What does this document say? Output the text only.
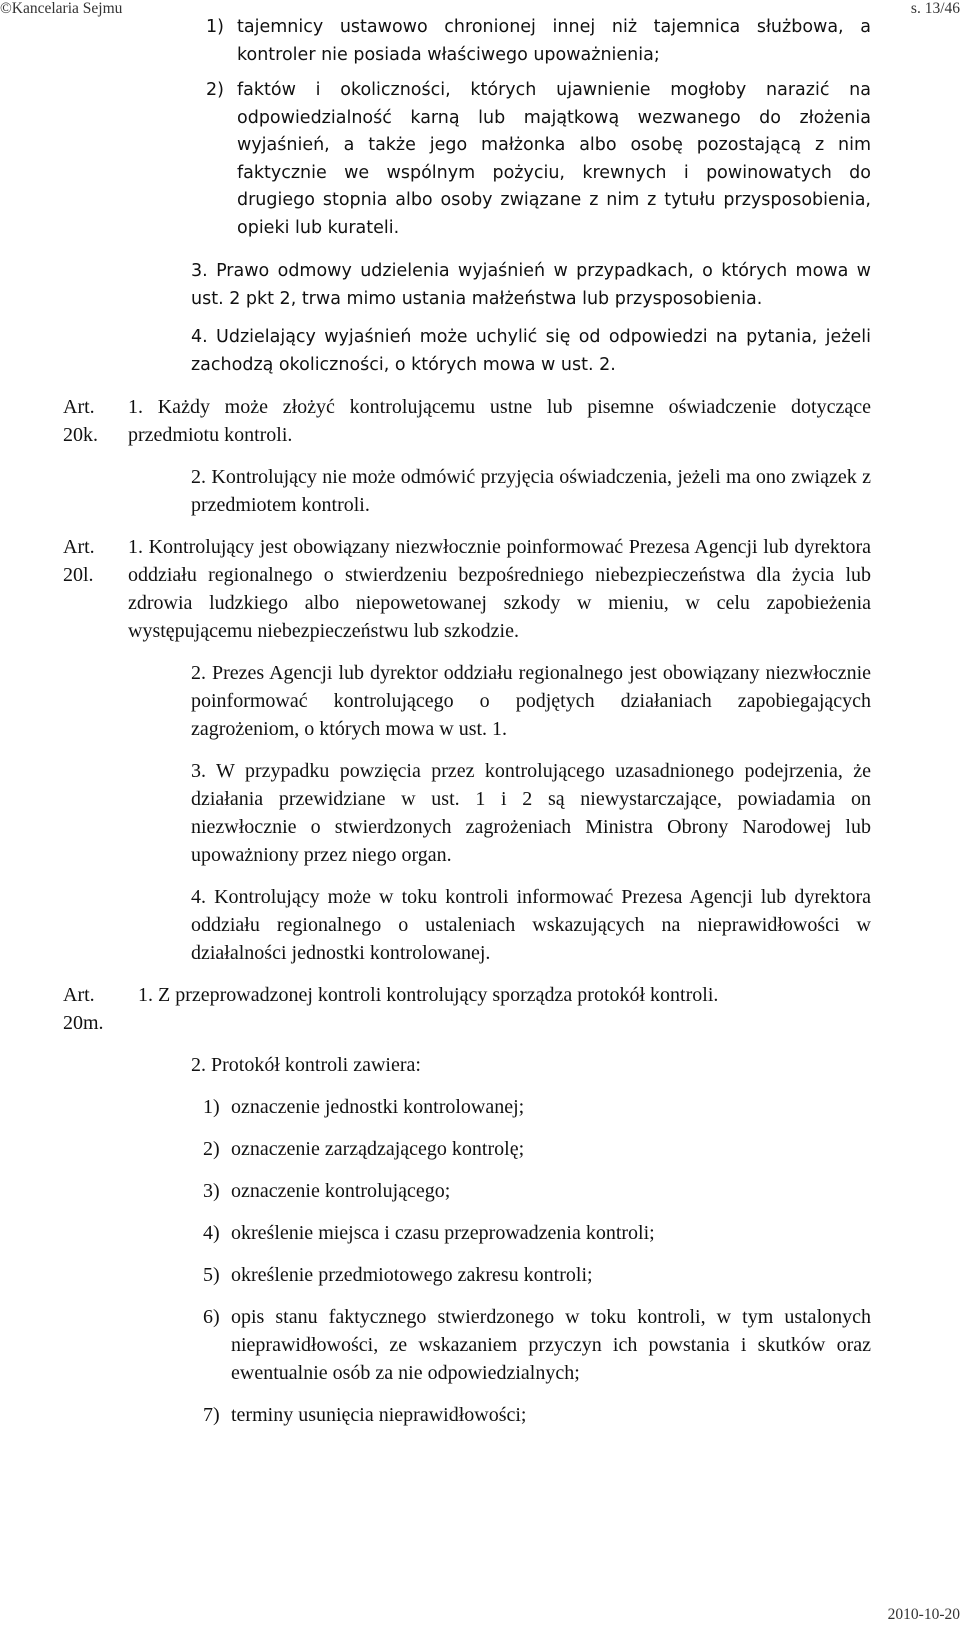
©Kancelaria Sejmu	s. 13/46
1) tajemnicy ustawowo chronionej innej niż tajemnica służbowa, a kontroler nie posiada właściwego upoważnienia;
2) faktów i okoliczności, których ujawnienie mogłoby narazić na odpowiedzialność karną lub majątkową wezwanego do złożenia wyjaśnień, a także jego małżonka albo osobę pozostającą z nim faktycznie we wspólnym pożyciu, krewnych i powinowatych do drugiego stopnia albo osoby związane z nim z tytułu przysposobienia, opieki lub kurateli.
3. Prawo odmowy udzielenia wyjaśnień w przypadkach, o których mowa w ust. 2 pkt 2, trwa mimo ustania małżeństwa lub przysposobienia.
4. Udzielający wyjaśnień może uchylić się od odpowiedzi na pytania, jeżeli zachodzą okoliczności, o których mowa w ust. 2.
Art. 20k.
1. Każdy może złożyć kontrolującemu ustne lub pisemne oświadczenie dotyczące przedmiotu kontroli.
2. Kontrolujący nie może odmówić przyjęcia oświadczenia, jeżeli ma ono związek z przedmiotem kontroli.
Art. 20l.
1. Kontrolujący jest obowiązany niezwłocznie poinformować Prezesa Agencji lub dyrektora oddziału regionalnego o stwierdzeniu bezpośredniego niebezpieczeństwa dla życia lub zdrowia ludzkiego albo niepowetowanej szkody w mieniu, w celu zapobieżenia występującemu niebezpieczeństwu lub szkodzie.
2. Prezes Agencji lub dyrektor oddziału regionalnego jest obowiązany niezwłocznie poinformować kontrolującego o podjętych działaniach zapobiegających zagrożeniom, o których mowa w ust. 1.
3. W przypadku powzięcia przez kontrolującego uzasadnionego podejrzenia, że działania przewidziane w ust. 1 i 2 są niewystarczające, powiadamia on niezwłocznie o stwierdzonych zagrożeniach Ministra Obrony Narodowej lub upoważniony przez niego organ.
4. Kontrolujący może w toku kontroli informować Prezesa Agencji lub dyrektora oddziału regionalnego o ustaleniach wskazujących na nieprawidłowości w działalności jednostki kontrolowanej.
Art. 20m.
1. Z przeprowadzonej kontroli kontrolujący sporządza protokół kontroli.
2. Protokół kontroli zawiera:
1) oznaczenie jednostki kontrolowanej;
2) oznaczenie zarządzającego kontrolę;
3) oznaczenie kontrolującego;
4) określenie miejsca i czasu przeprowadzenia kontroli;
5) określenie przedmiotowego zakresu kontroli;
6) opis stanu faktycznego stwierdzonego w toku kontroli, w tym ustalonych nieprawidłowości, ze wskazaniem przyczyn ich powstania i skutków oraz ewentualnie osób za nie odpowiedzialnych;
7) terminy usunięcia nieprawidłowości;
2010-10-20
